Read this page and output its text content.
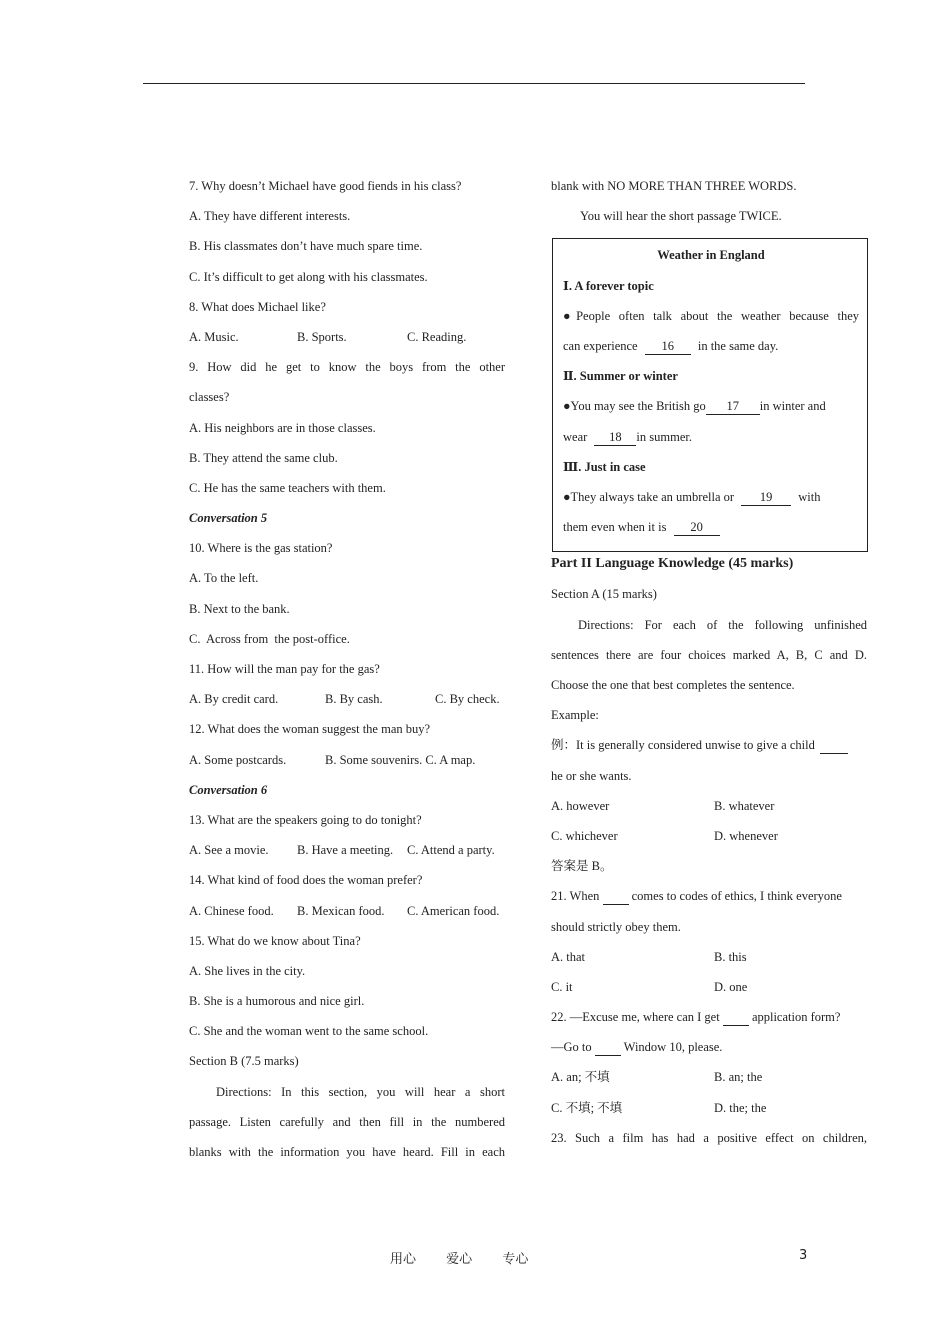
7. Why doesn’t Michael have good fiends in his class?
A. They have different interests.
B. His classmates don’t have much spare time.
C. It’s difficult to get along with his classmates.
8. What does Michael like?
A. Music.	B. Sports.	C. Reading.
9. How did he get to know the boys from the other
classes?
A. His neighbors are in those classes.
B. They attend the same club.
C. He has the same teachers with them.
Conversation 5
10. Where is the gas station?
A. To the left.
B. Next to the bank.
C.  Across from  the post-office.
11. How will the man pay for the gas?
A. By credit card.	B. By cash.	C. By check.
12. What does the woman suggest the man buy?
A. Some postcards.	B. Some souvenirs. C. A map.
Conversation 6
13. What are the speakers going to do tonight?
A. See a movie.	B. Have a meeting.	C. Attend a party.
14. What kind of food does the woman prefer?
A. Chinese food.	B. Mexican food.	C. American food.
15. What do we know about Tina?
A. She lives in the city.
B. She is a humorous and nice girl.
C. She and the woman went to the same school.
Section B (7.5 marks)
Directions: In this section, you will hear a short
passage. Listen carefully and then fill in the numbered
blanks with the information you have heard. Fill in each
blank with NO MORE THAN THREE WORDS.
You will hear the short passage TWICE.
Weather in England
Ⅰ. A forever topic
●People often talk about the weather because they
can experience 16 in the same day.
Ⅱ. Summer or winter
●You may see the British go 17 in winter and
wear 18 in summer.
Ⅲ. Just in case
●They always take an umbrella or 19 with
them even when it is 20
Part II Language Knowledge (45 marks)
Section A (15 marks)
Directions: For each of the following unfinished
sentences there are four choices marked A, B, C and D.
Choose the one that best completes the sentence.
Example:
例：It is generally considered unwise to give a child
he or she wants.
A. however	B. whatever
C. whichever	D. whenever
答案是 B。
21. When	comes to codes of ethics, I think everyone
should strictly obey them.
A. that	B. this
C. it	D. one
22. —Excuse me, where can I get	application form?
—Go to	Window 10, please.
A. an; 不填	B. an; the
C. 不填; 不填	D. the; the
23. Such a film has had a positive effect on children,
用心 爱心 专心	3
